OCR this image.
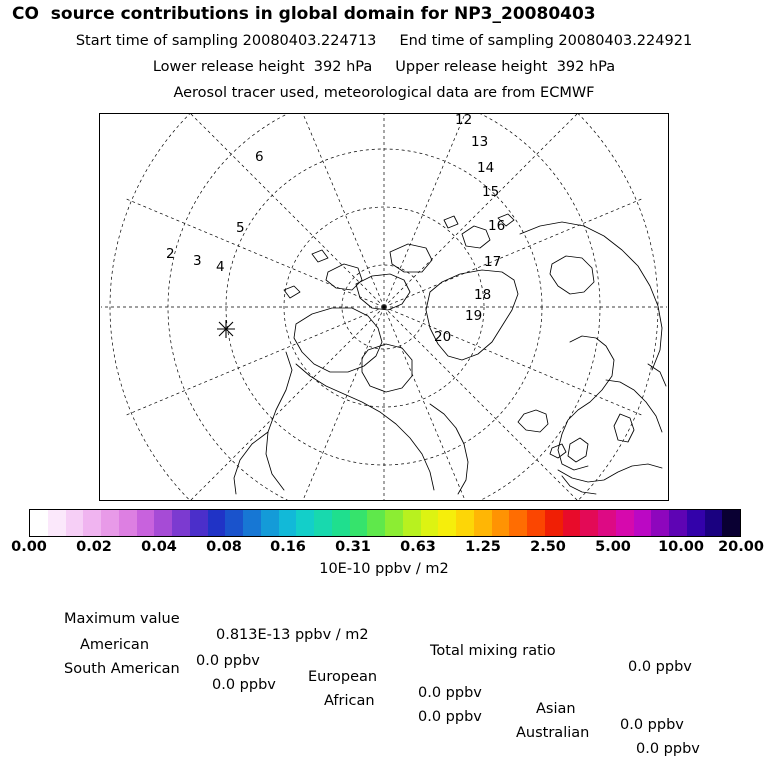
CO  source contributions in global domain for NP3_20080403
Start time of sampling 20080403.224713     End time of sampling 20080403.224921
Lower release height  392 hPa     Upper release height  392 hPa
Aerosol tracer used, meteorological data are from ECMWF
12
13
14
15
16
17
18
19
20
6
5
2 3 4
0.00 0.02 0.04 0.08 0.16 0.31 0.63 1.25 2.50 5.00 10.00 20.00
10E-10 ppbv / m2

Maximum value

0.813E-13 ppbv / m2

Total mixing ratio

0.0 ppbv

American

0.0 ppbv

European

0.0 ppbv

Asian

0.0 ppbv

South American

0.0 ppbv

African

0.0 ppbv

Australian

0.0 ppbv
